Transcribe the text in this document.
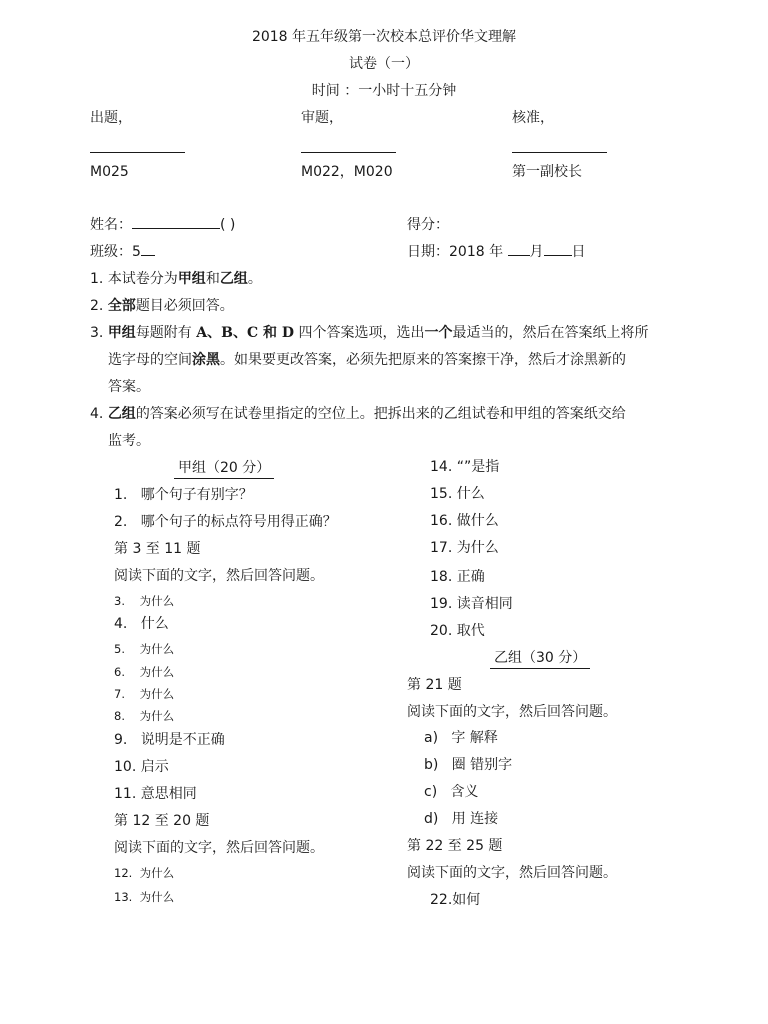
2018 年五年级第一次校本总评价华文理解
试卷（一）
时间 ：一小时十五分钟
出题，	审题，	核准，
M025	M022，M020	第一副校长
姓名：	( )	得分：
班级：5	日期：2018 年 月 日
1. 本试卷分为甲组和乙组。
2. 全部题目必须回答。
3. 甲组每题附有 A、B、C 和 D 四个答案选项，选出一个最适当的，然后在答案纸上将所
选字母的空间涂黑。如果要更改答案，必须先把原来的答案擦干净，然后才涂黑新的
答案。
4. 乙组的答案必须写在试卷里指定的空位上。把拆出来的乙组试卷和甲组的答案纸交给
监考。
甲组（20 分）
1. 哪个句子有别字？
2. 哪个句子的标点符号用得正确？
第 3 至 11 题
阅读下面的文字，然后回答问题。
3. 为什么
4. 什么
5. 为什么
6. 为什么
7. 为什么
8. 为什么
9. 说明是不正确
10. 启示
11. 意思相同
第 12 至 20 题
阅读下面的文字，然后回答问题。
12. 为什么
13. 为什么
14. “”是指
15. 什么
16. 做什么
17. 为什么
18. 正确
19. 读音相同
20. 取代
乙组（30 分）
第 21 题
阅读下面的文字，然后回答问题。
a) 字 解释
b) 圈 错别字
c) 含义
d) 用 连接
第 22 至 25 题
阅读下面的文字，然后回答问题。
22.如何
